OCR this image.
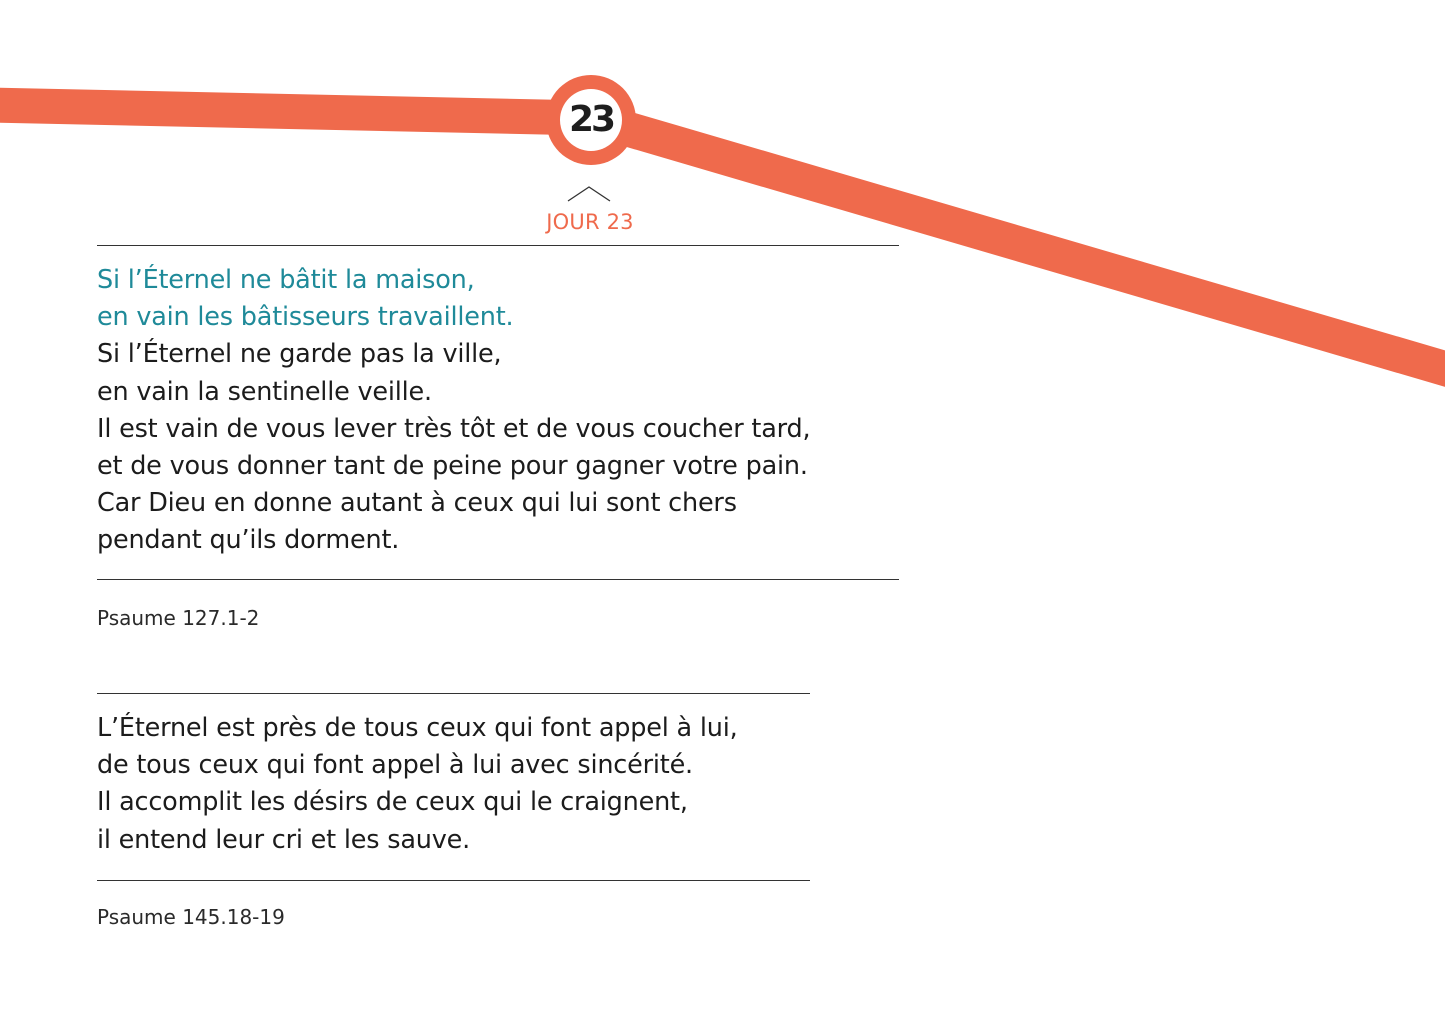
23
JOUR 23
Si l’Éternel ne bâtit la maison,
en vain les bâtisseurs travaillent.
Si l’Éternel ne garde pas la ville,
en vain la sentinelle veille.
Il est vain de vous lever très tôt et de vous coucher tard,
et de vous donner tant de peine pour gagner votre pain.
Car Dieu en donne autant à ceux qui lui sont chers
pendant qu’ils dorment.
Psaume 127.1-2
L’Éternel est près de tous ceux qui font appel à lui,
de tous ceux qui font appel à lui avec sincérité.
Il accomplit les désirs de ceux qui le craignent,
il entend leur cri et les sauve.
Psaume 145.18-19
